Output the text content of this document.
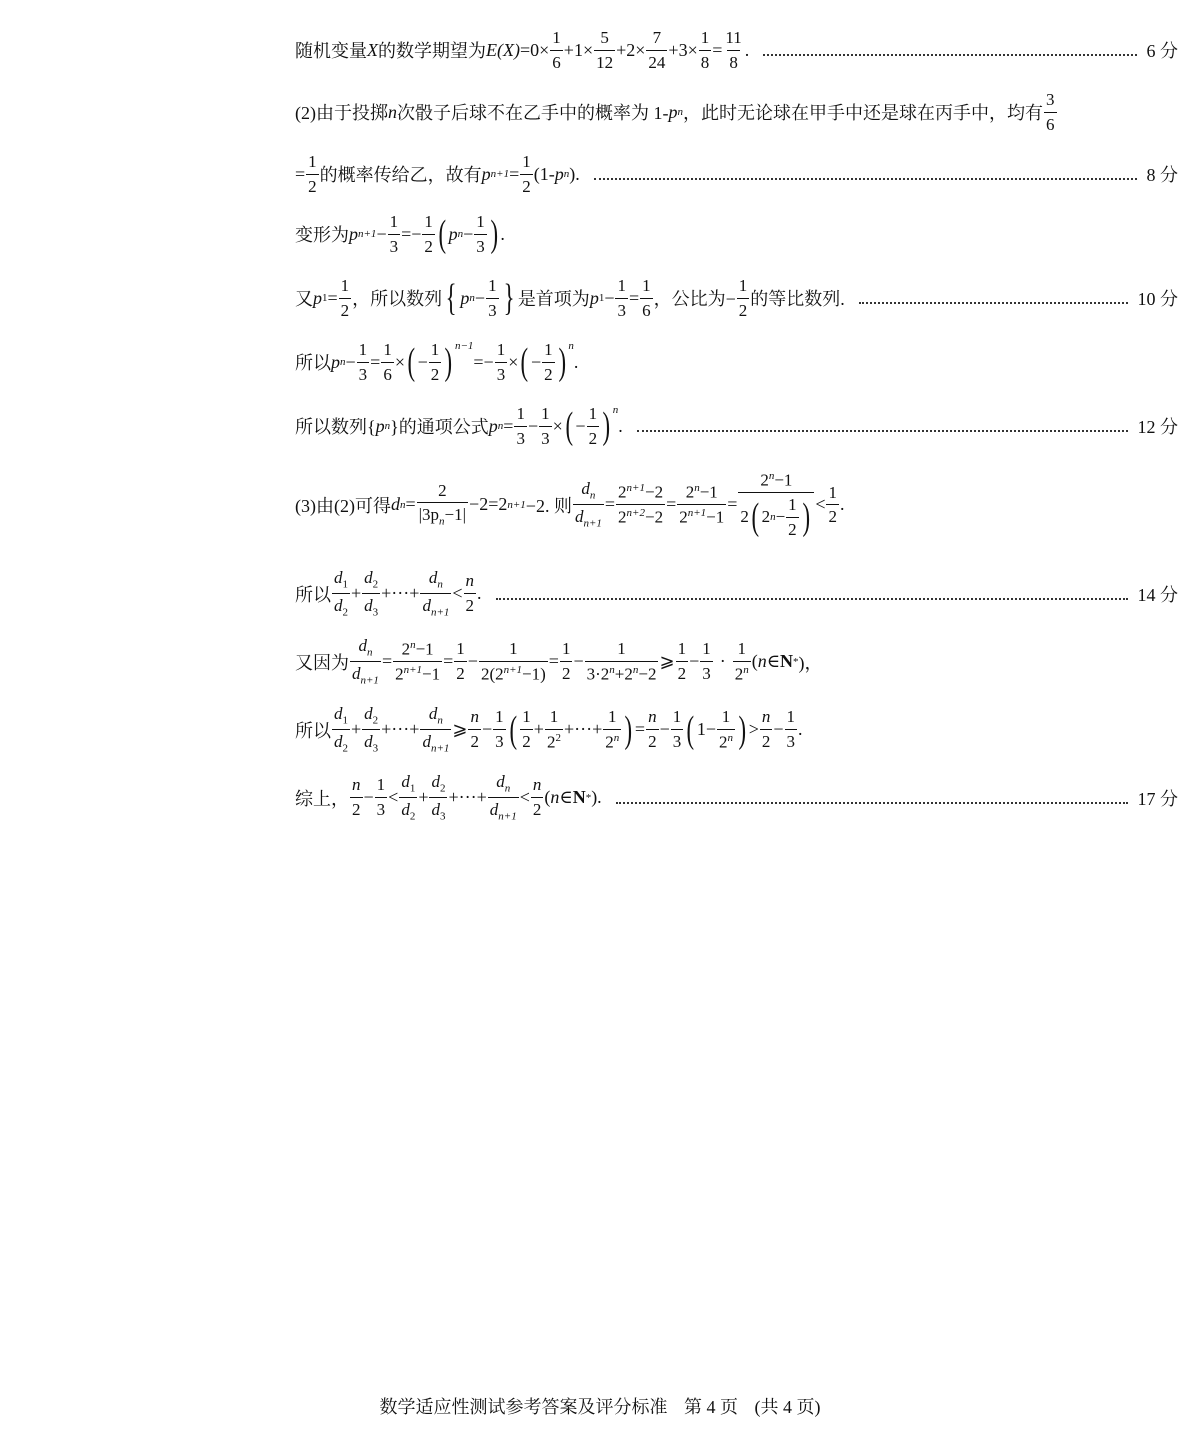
随机变量 X 的数学期望为 $E(X) =0\times \frac{1}{6} +1\times \frac{5}{12} +2\times \frac{7}{24} +3\times \frac{1}{8} = \frac{11}{8}$ .	6 分
(2)由于投掷 n 次骰子后球不在乙手中的概率为 1- p n ，此时无论球在甲手中还是球在丙手中，均有 $\frac{3}{6}$
= $\frac{1}{2}$ 的概率传给乙，故有 p $n+1 = \frac{1}{2} (1-$ p n ).	8 分
变形为 p $n+1 - \frac{1}{3} =- \frac{1}{2}$ ( p $n - \frac{1}{3}$ ) .
又 p $1 = \frac{1}{2}$ ，所以数列 { p $n - \frac{1}{3}$ } 是首项为 p $1 - \frac{1}{3} = \frac{1}{6}$ ，公比为− $\frac{1}{2}$ 的等比数列.	10 分
所以 p $n - \frac{1}{3} = \frac{1}{6}$ × ( − $\frac{1}{2} )^{n-1}$
=− $\frac{1}{3}$ × ( − $\frac{1}{2} )^n$
.
所以数列{ p n }的通项公式 p $n = \frac{1}{3} - \frac{1}{3}$ × ( − $\frac{1}{2} )^n$
.	12 分
(3)由(2)可得 d $n = \frac{2}{|3p_n-1|} -2=2$ n+1 −2. 则 $\frac{d_n}{d_{n+1}} = \frac{2^{n+1}-2}{2^{n+2}-2} = \frac{2^n-1}{2^{n+1}-1} = \frac{2^n-1}{2 ( 2 n - \frac{1}{2} )} < \frac{1}{2}$ .
所以 $\frac{d_1}{d_2} + \frac{d_2}{d_3}$ +···+ $\frac{d_n}{d_{n+1}} < \frac{n}{2}$ .	14 分
又因为 $\frac{d_n}{d_{n+1}} = \frac{2^n-1}{2^{n+1}-1} = \frac{1}{2} - \frac{1}{2(2^{n+1}-1)} = \frac{1}{2} - \frac{1}{3\cdot 2^n+2^n-2}$ ⩾ $\frac{1}{2} - \frac{1}{3} \cdot \frac{1}{2^n}$ ( n ∈ N * )，
所以 $\frac{d_1}{d_2} + \frac{d_2}{d_3}$ +···+ $\frac{d_n}{d_{n+1}}$ ⩾ $\frac{n}{2} - \frac{1}{3}$ ( $\frac{1}{2} + \frac{1}{2^2}$ +···+ $\frac{1}{2^n}$ ) = $\frac{n}{2} - \frac{1}{3}$ ( $1- \frac{1}{2^n}$ ) > $\frac{n}{2} - \frac{1}{3}$ .
综上， $\frac{n}{2} - \frac{1}{3} < \frac{d_1}{d_2} + \frac{d_2}{d_3}$ +···+ $\frac{d_n}{d_{n+1}} < \frac{n}{2}$ ( n ∈ N * ).	17 分
数学适应性测试参考答案及评分标准 第 4 页 (共 4 页)
